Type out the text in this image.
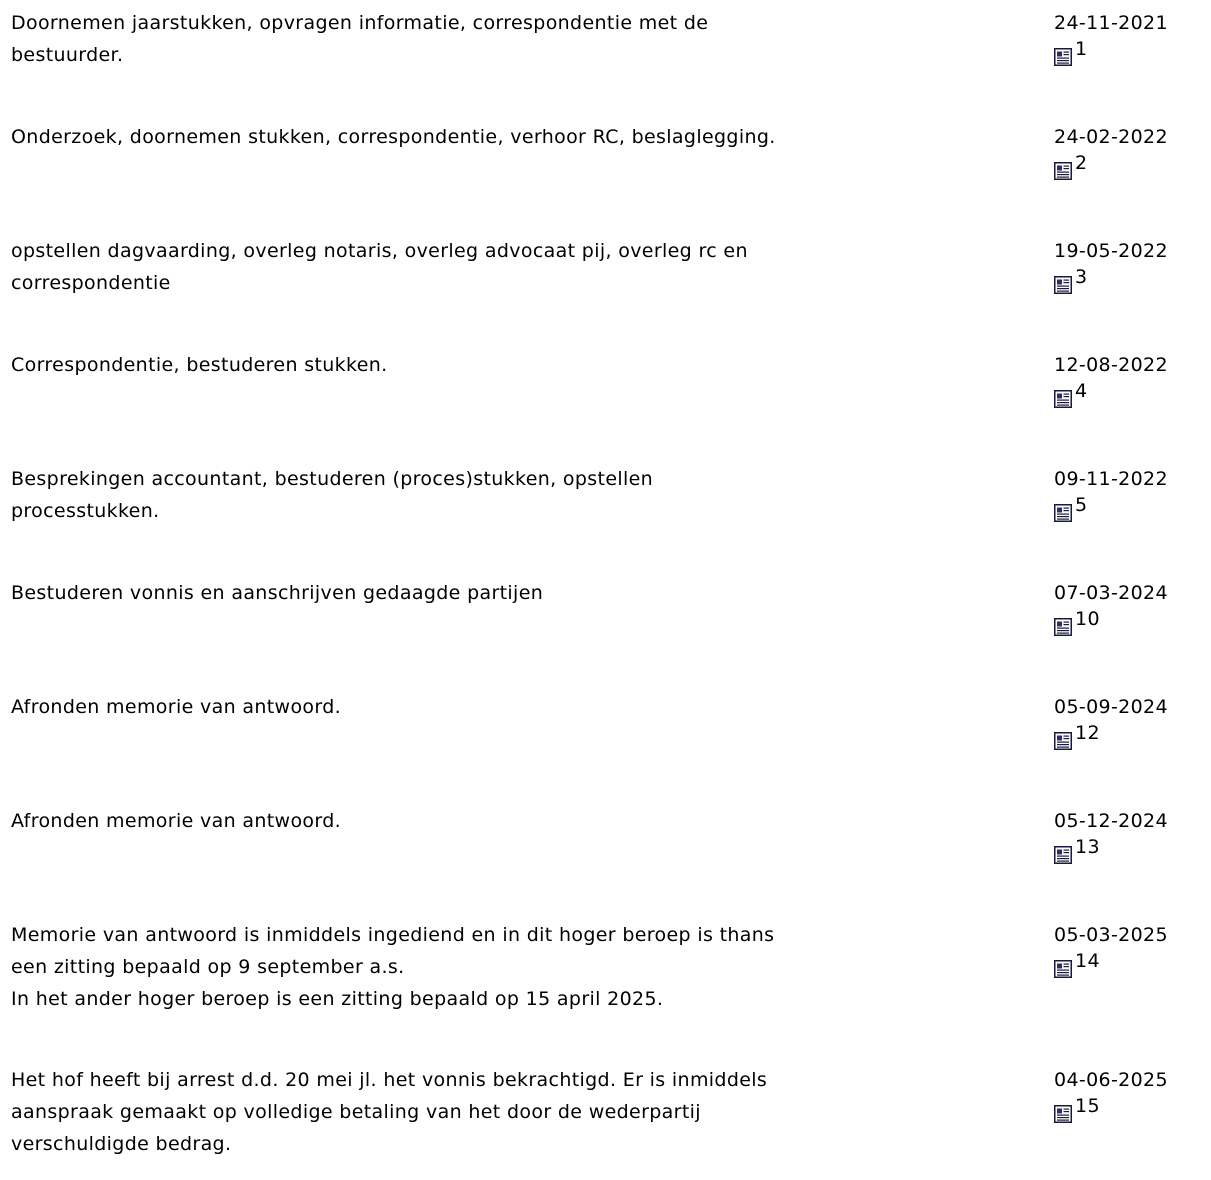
Doornemen jaarstukken, opvragen informatie, correspondentie met de
bestuurder.
24-11-2021
1
Onderzoek, doornemen stukken, correspondentie, verhoor RC, beslaglegging.	24-02-2022
2
opstellen dagvaarding, overleg notaris, overleg advocaat pij, overleg rc en
correspondentie
19-05-2022
3
Correspondentie, bestuderen stukken.	12-08-2022
4
Besprekingen accountant, bestuderen (proces)stukken, opstellen
processtukken.
09-11-2022
5
Bestuderen vonnis en aanschrijven gedaagde partijen	07-03-2024
10
Afronden memorie van antwoord.	05-09-2024
12
Afronden memorie van antwoord.	05-12-2024
13
Memorie van antwoord is inmiddels ingediend en in dit hoger beroep is thans
een zitting bepaald op 9 september a.s.
In het ander hoger beroep is een zitting bepaald op 15 april 2025.
05-03-2025
14
Het hof heeft bij arrest d.d. 20 mei jl. het vonnis bekrachtigd. Er is inmiddels
aanspraak gemaakt op volledige betaling van het door de wederpartij
verschuldigde bedrag.
04-06-2025
15
